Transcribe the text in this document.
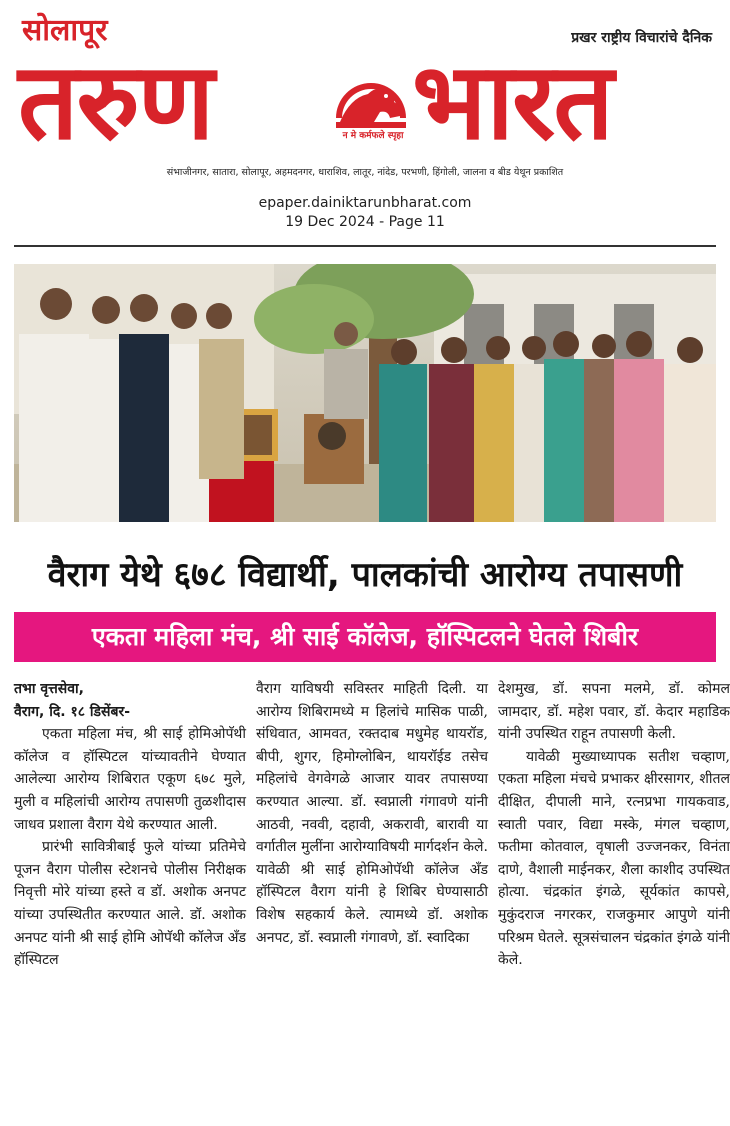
सोलापूर	प्रखर राष्ट्रीय विचारांचे दैनिक
तरुण	न मे कर्मफले स्पृहा भारत
संभाजीनगर, सातारा, सोलापूर, अहमदनगर, धाराशिव, लातूर, नांदेड, परभणी, हिंगोली, जालना व बीड येथून प्रकाशित
epaper.dainiktarunbharat.com
19 Dec 2024 - Page 11
वैराग येथे ६७८ विद्यार्थी, पालकांची आरोग्य तपासणी
एकता महिला मंच, श्री साई कॉलेज, हॉस्पिटलने घेतले शिबीर

तभा वृत्तसेवा,

वैराग, दि. १८ डिसेंबर-

एकता महिला मंच, श्री साई होमिओपॅथी कॉलेज व हॉस्पिटल यांच्यावतीने घेण्यात आलेल्या आरोग्य शिबिरात एकूण ६७८ मुले, मुली व महिलांची आरोग्य तपासणी तुळशीदास जाधव प्रशाला वैराग येथे करण्यात आली.

प्रारंभी सावित्रीबाई फुले यांच्या प्रतिमेचे पूजन वैराग पोलीस स्टेशनचे पोलीस निरीक्षक निवृत्ती मोरे यांच्या हस्ते व डॉ. अशोक अनपट यांच्या उपस्थितीत करण्यात आले. डॉ. अशोक अनपट यांनी श्री साई होमि ओपॅथी कॉलेज अँड हॉस्पिटल

वैराग याविषयी सविस्तर माहिती दिली. या आरोग्य शिबिरामध्ये म हिलांचे मासिक पाळी, संधिवात, आमवत, रक्तदाब मधुमेह थायरॉड, बीपी, शुगर, हिमोग्लोबिन, थायरॉईड तसेच महिलांचे वेगवेगळे आजार यावर तपासण्या करण्यात आल्या. डॉ. स्वप्नाली गंगावणे यांनी आठवी, नववी, दहावी, अकरावी, बारावी या वर्गातील मुलींना आरोग्याविषयी मार्गदर्शन केले. यावेळी श्री साई होमिओपॅथी कॉलेज अँड हॉस्पिटल वैराग यांनी हे शिबिर घेण्यासाठी विशेष सहकार्य केले. त्यामध्ये डॉ. अशोक अनपट, डॉ. स्वप्नाली गंगावणे, डॉ. स्वादिका

देशमुख, डॉ. सपना मलमे, डॉ. कोमल जामदार, डॉ. महेश पवार, डॉ. केदार महाडिक यांनी उपस्थित राहून तपासणी केली.

यावेळी मुख्याध्यापक सतीश चव्हाण, एकता महिला मंचचे प्रभाकर क्षीरसागर, शीतल दीक्षित, दीपाली माने, रत्नप्रभा गायकवाड, स्वाती पवार, विद्या मस्के, मंगल चव्हाण, फतीमा कोतवाल, वृषाली उज्जनकर, विनंता दाणे, वैशाली माईनकर, शैला काशीद उपस्थित होत्या. चंद्रकांत इंगळे, सूर्यकांत कापसे, मुकुंदराज नगरकर, राजकुमार आपुणे यांनी परिश्रम घेतले. सूत्रसंचालन चंद्रकांत इंगळे यांनी केले.
